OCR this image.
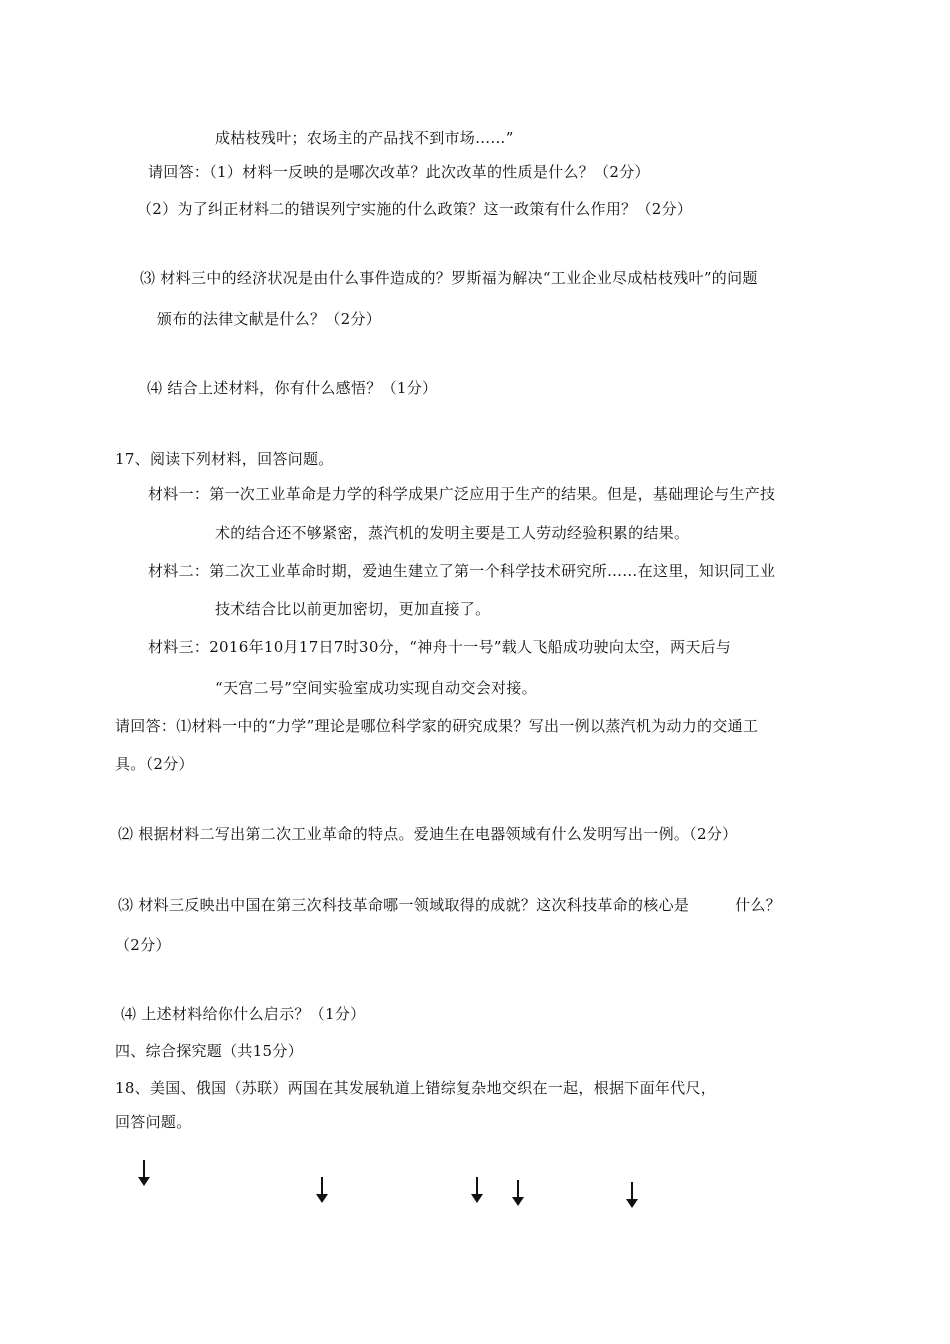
成枯枝残叶；农场主的产品找不到市场……”
请回答：（1）材料一反映的是哪次改革？此次改革的性质是什么？（2分）
（2）为了纠正材料二的错误列宁实施的什么政策？这一政策有什么作用？（2分）
⑶ 材料三中的经济状况是由什么事件造成的？罗斯福为解决“工业企业尽成枯枝残叶”的问题
颁布的法律文献是什么？（2分）
⑷ 结合上述材料，你有什么感悟？（1分）
17、阅读下列材料，回答问题。
材料一：第一次工业革命是力学的科学成果广泛应用于生产的结果。但是，基础理论与生产技
术的结合还不够紧密，蒸汽机的发明主要是工人劳动经验积累的结果。
材料二：第二次工业革命时期，爱迪生建立了第一个科学技术研究所……在这里，知识同工业
技术结合比以前更加密切，更加直接了。
材料三：2016年10月17日7时30分，“神舟十一号”载人飞船成功驶向太空，两天后与
“天宫二号”空间实验室成功实现自动交会对接。
请回答：⑴材料一中的“力学”理论是哪位科学家的研究成果？写出一例以蒸汽机为动力的交通工
具。（2分）
⑵ 根据材料二写出第二次工业革命的特点。爱迪生在电器领域有什么发明写出一例。（2分）
⑶ 材料三反映出中国在第三次科技革命哪一领域取得的成就？这次科技革命的核心是　　　什么？
（2分）
⑷ 上述材料给你什么启示？（1分）
四、综合探究题（共15分）
18、美国、俄国（苏联）两国在其发展轨道上错综复杂地交织在一起，根据下面年代尺，
回答问题。
